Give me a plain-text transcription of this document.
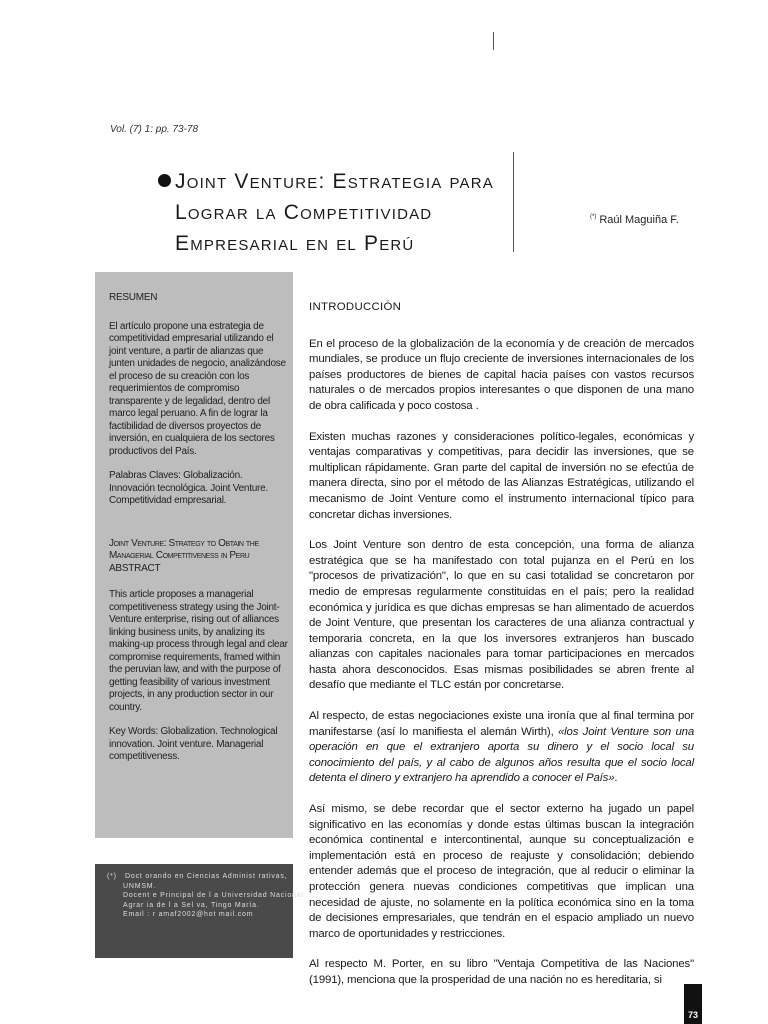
Vol. (7) 1: pp. 73-78
Joint Venture: Estrategia para
Lograr la Competitividad
Empresarial en el Perú
(*) Raúl Maguiña F.
RESUMEN

El artículo propone una estrategia de competitividad empresarial utilizando el joint venture, a partir de alianzas que junten unidades de negocio, analizándose el proceso de su creación con los requerimientos de compromiso transparente y de legalidad, dentro del marco legal peruano. A fin de lograr la factibilidad de diversos proyectos de inversión, en cualquiera de los sectores productivos del País.

Palabras Claves: Globalización. Innovación tecnológica. Joint Venture. Competitividad empresarial.

Joint Venture: Strategy to Obtain the Managerial Competitiveness in Peru
ABSTRACT

This article proposes a managerial competitiveness strategy using the Joint-Venture enterprise, rising out of alliances linking business units, by analizing its making-up process through legal and clear compromise requirements, framed within the peruvian law, and with the purpose of getting feasibility of various investment projects, in any production sector in our country.

Key Words: Globalization. Technological innovation. Joint venture. Managerial competitiveness.

(*) Doct orando en Ciencias Administ rativas,
UNMSM.
Docent e Principal de l a Universidad Nacional
Agrar ia de l a Sel va, Tingo María.
Email : r amaf2002@hot mail.com
INTRODUCCIÓN

En el proceso de la globalización de la economía y de creación de mercados mundiales, se produce un flujo creciente de inversiones internacionales de los países productores de bienes de capital hacia países con vastos recursos naturales o de mercados propios interesantes o que disponen de una mano de obra calificada y poco costosa .

Existen muchas razones y consideraciones político-legales, económicas y ventajas comparativas y competitivas, para decidir las inversiones, que se multiplican rápidamente. Gran parte del capital de inversión no se efectúa de manera directa, sino por el método de las Alianzas Estratégicas, utilizando el mecanismo de Joint Venture como el instrumento internacional típico para concretar dichas inversiones.

Los Joint Venture son dentro de esta concepción, una forma de alianza estratégica que se ha manifestado con total pujanza en el Perú en los "procesos de privatización", lo que en su casi totalidad se concretaron por medio de empresas regularmente constituidas en el país; pero la realidad económica y jurídica es que dichas empresas se han alimentado de acuerdos de Joint Venture, que presentan los caracteres de una alianza contractual y temporaria concreta, en la que los inversores extranjeros han buscado alianzas con capitales nacionales para tomar participaciones en mercados hasta ahora desconocidos. Esas mismas posibilidades se abren frente al desafío que mediante el TLC están por concretarse.

Al respecto, de estas negociaciones existe una ironía que al final termina por manifestarse (así lo manifiesta el alemán Wirth), «los Joint Venture son una operación en que el extranjero aporta su dinero y el socio local su conocimiento del país, y al cabo de algunos años resulta que el socio local detenta el dinero y extranjero ha aprendido a conocer el País».

Así mismo, se debe recordar que el sector externo ha jugado un papel significativo en las economías y donde estas últimas buscan la integración económica continental e intercontinental, aunque su conceptualización e implementación está en proceso de reajuste y consolidación; debiendo entender además que el proceso de integración, que al reducir o eliminar la protección genera nuevas condiciones competitivas que implican una necesidad de ajuste, no solamente en la política económica sino en la toma de decisiones empresariales, que tendrán en el espacio ampliado un nuevo marco de oportunidades y restricciones.

Al respecto M. Porter, en su libro "Ventaja Competitiva de las Naciones" (1991), menciona que la prosperidad de una nación no es hereditaria, si

73
